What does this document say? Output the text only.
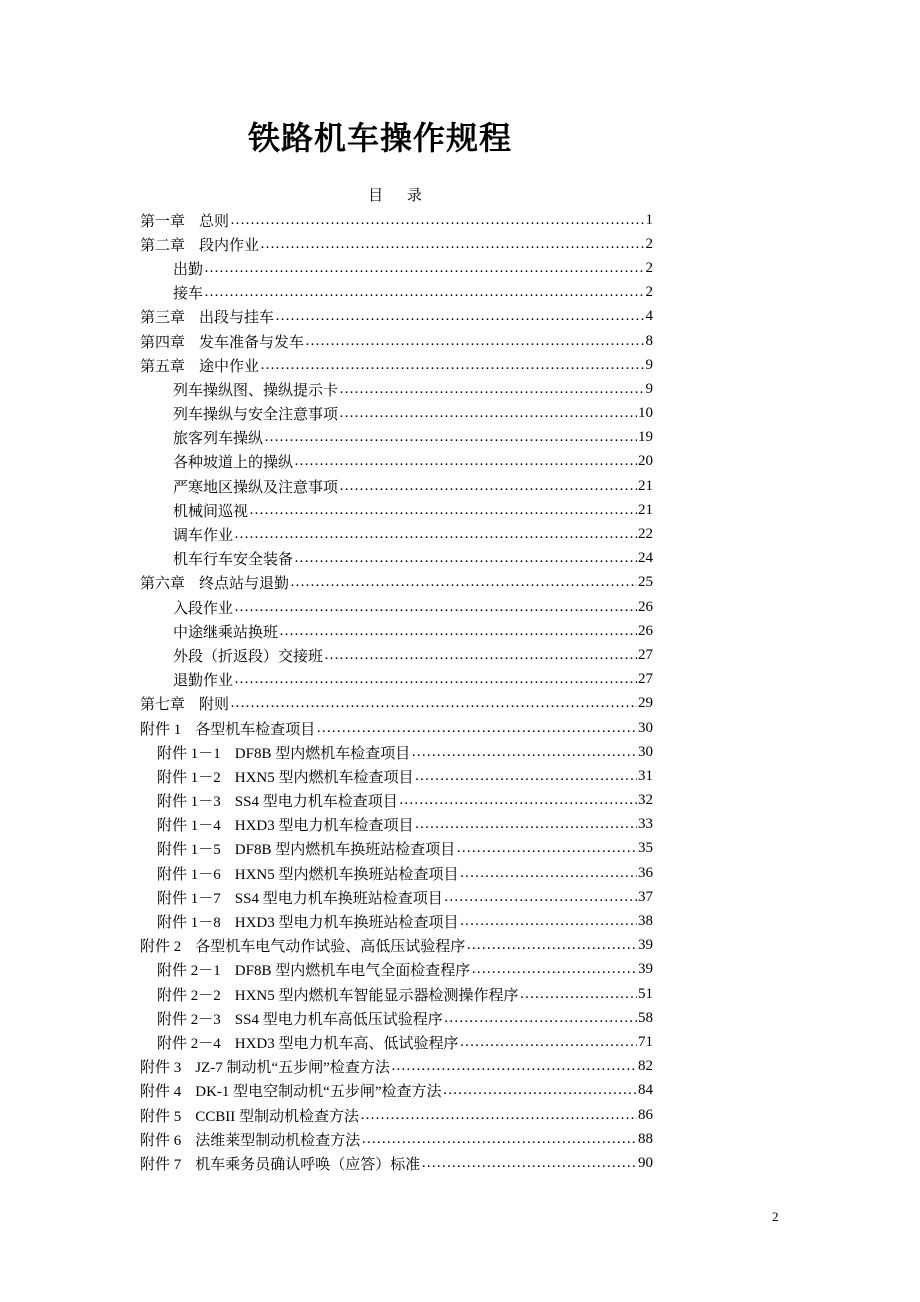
铁路机车操作规程
目 录
第一章 总则 …………………………………………………………………………………………………………………………	1
第二章 段内作业 …………………………………………………………………………………………………………………………	2
出勤 …………………………………………………………………………………………………………………………	2
接车 …………………………………………………………………………………………………………………………	2
第三章 出段与挂车 …………………………………………………………………………………………………………………………	4
第四章 发车准备与发车 …………………………………………………………………………………………………………………………	8
第五章 途中作业 …………………………………………………………………………………………………………………………	9
列车操纵图、操纵提示卡 …………………………………………………………………………………………………………………………	9
列车操纵与安全注意事项 …………………………………………………………………………………………………………………………	10
旅客列车操纵 …………………………………………………………………………………………………………………………	19
各种坡道上的操纵 …………………………………………………………………………………………………………………………	20
严寒地区操纵及注意事项 …………………………………………………………………………………………………………………………	21
机械间巡视 …………………………………………………………………………………………………………………………	21
调车作业 …………………………………………………………………………………………………………………………	22
机车行车安全装备 …………………………………………………………………………………………………………………………	24
第六章 终点站与退勤 …………………………………………………………………………………………………………………………	25
入段作业 …………………………………………………………………………………………………………………………	26
中途继乘站换班 …………………………………………………………………………………………………………………………	26
外段（折返段）交接班 …………………………………………………………………………………………………………………………	27
退勤作业 …………………………………………………………………………………………………………………………	27
第七章 附则 …………………………………………………………………………………………………………………………	29
附件 1 各型机车检查项目 …………………………………………………………………………………………………………………………	30
附件 1－1 DF8B 型内燃机车检查项目 …………………………………………………………………………………………………………………………	30
附件 1－2 HXN5 型内燃机车检查项目 …………………………………………………………………………………………………………………………	31
附件 1－3 SS4 型电力机车检查项目 …………………………………………………………………………………………………………………………	32
附件 1－4 HXD3 型电力机车检查项目 …………………………………………………………………………………………………………………………	33
附件 1－5 DF8B 型内燃机车换班站检查项目 …………………………………………………………………………………………………………………………	35
附件 1－6 HXN5 型内燃机车换班站检查项目 …………………………………………………………………………………………………………………………	36
附件 1－7 SS4 型电力机车换班站检查项目 …………………………………………………………………………………………………………………………	37
附件 1－8 HXD3 型电力机车换班站检查项目 …………………………………………………………………………………………………………………………	38
附件 2 各型机车电气动作试验、高低压试验程序 …………………………………………………………………………………………………………………………	39
附件 2－1 DF8B 型内燃机车电气全面检查程序 …………………………………………………………………………………………………………………………	39
附件 2－2 HXN5 型内燃机车智能显示器检测操作程序 …………………………………………………………………………………………………………………………	51
附件 2－3 SS4 型电力机车高低压试验程序 …………………………………………………………………………………………………………………………	58
附件 2－4 HXD3 型电力机车高、低试验程序 …………………………………………………………………………………………………………………………	71
附件 3 JZ-7 制动机“五步闸”检查方法 …………………………………………………………………………………………………………………………	82
附件 4 DK-1 型电空制动机“五步闸”检查方法 …………………………………………………………………………………………………………………………	84
附件 5 CCBII 型制动机检查方法 …………………………………………………………………………………………………………………………	86
附件 6 法维莱型制动机检查方法 …………………………………………………………………………………………………………………………	88
附件 7 机车乘务员确认呼唤（应答）标准 …………………………………………………………………………………………………………………………	90
2
